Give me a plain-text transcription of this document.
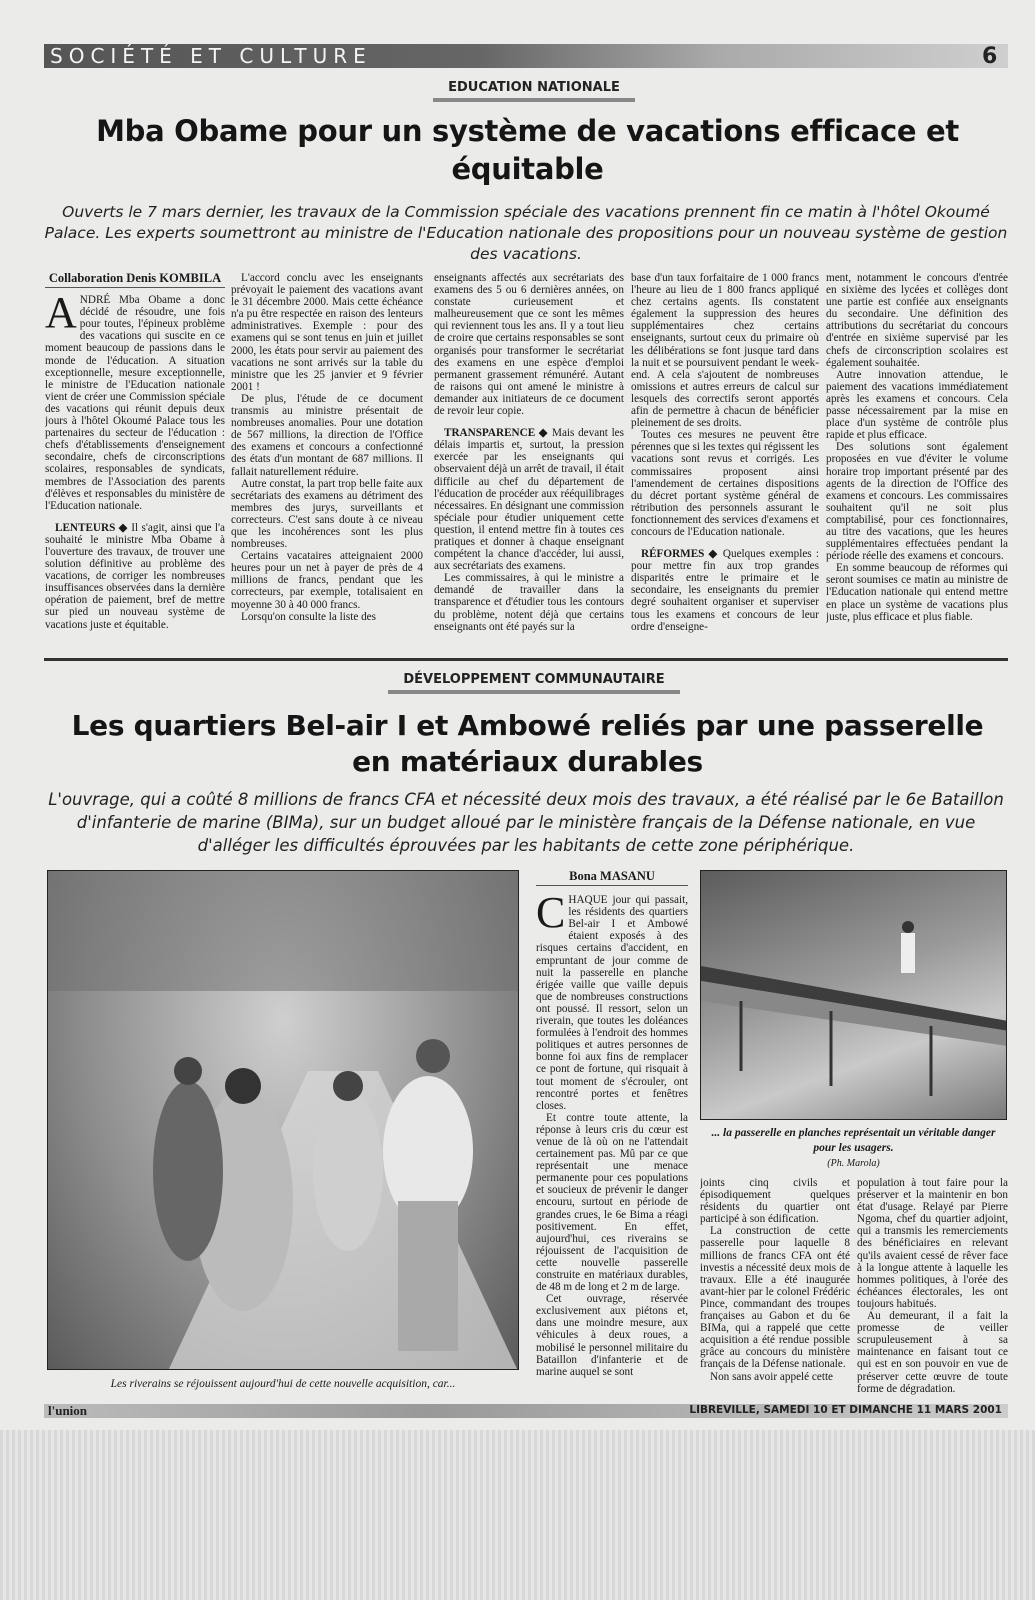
SOCIÉTÉ ET CULTURE	6
EDUCATION NATIONALE
Mba Obame pour un système de vacations efficace et équitable
Ouverts le 7 mars dernier, les travaux de la Commission spéciale des vacations prennent fin ce matin à l'hôtel Okoumé Palace. Les experts soumettront au ministre de l'Education nationale des propositions pour un nouveau système de gestion des vacations.
Collaboration Denis KOMBILA

ANDRÉ Mba Obame a donc décidé de résoudre, une fois pour toutes, l'épineux problème des vacations qui suscite en ce moment beaucoup de passions dans le monde de l'éducation. A situation exceptionnelle, mesure exceptionnelle, le ministre de l'Education nationale vient de créer une Commission spéciale des vacations qui réunit depuis deux jours à l'hôtel Okoumé Palace tous les partenaires du secteur de l'éducation : chefs d'établissements d'enseignement secondaire, chefs de circonscriptions scolaires, responsables de syndicats, membres de l'Association des parents d'élèves et responsables du ministère de l'Education nationale.

LENTEURS ◆ Il s'agit, ainsi que l'a souhaité le ministre Mba Obame à l'ouverture des travaux, de trouver une solution définitive au problème des vacations, de corriger les nombreuses insuffisances observées dans la dernière opération de paiement, bref de mettre sur pied un nouveau système de vacations juste et équitable.

L'accord conclu avec les enseignants prévoyait le paiement des vacations avant le 31 décembre 2000. Mais cette échéance n'a pu être respectée en raison des lenteurs administratives. Exemple : pour des examens qui se sont tenus en juin et juillet 2000, les états pour servir au paiement des vacations ne sont arrivés sur la table du ministre que les 25 janvier et 9 février 2001 !

De plus, l'étude de ce document transmis au ministre présentait de nombreuses anomalies. Pour une dotation de 567 millions, la direction de l'Office des examens et concours a confectionné des états d'un montant de 687 millions. Il fallait naturellement réduire.

Autre constat, la part trop belle faite aux secrétariats des examens au détriment des membres des jurys, surveillants et correcteurs. C'est sans doute à ce niveau que les incohérences sont les plus nombreuses.

Certains vacataires atteignaient 2000 heures pour un net à payer de près de 4 millions de francs, pendant que les correcteurs, par exemple, totalisaient en moyenne 30 à 40 000 francs.

Lorsqu'on consulte la liste des

enseignants affectés aux secrétariats des examens des 5 ou 6 dernières années, on constate curieusement et malheureusement que ce sont les mêmes qui reviennent tous les ans. Il y a tout lieu de croire que certains responsables se sont organisés pour transformer le secrétariat des examens en une espèce d'emploi permanent grassement rémunéré. Autant de raisons qui ont amené le ministre à demander aux initiateurs de ce document de revoir leur copie.

TRANSPARENCE ◆ Mais devant les délais impartis et, surtout, la pression exercée par les enseignants qui observaient déjà un arrêt de travail, il était difficile au chef du département de l'éducation de procéder aux rééquilibrages nécessaires. En désignant une commission spéciale pour étudier uniquement cette question, il entend mettre fin à toutes ces pratiques et donner à chaque enseignant compétent la chance d'accéder, lui aussi, aux secrétariats des examens.

Les commissaires, à qui le ministre a demandé de travailler dans la transparence et d'étudier tous les contours du problème, notent déjà que certains enseignants ont été payés sur la

base d'un taux forfaitaire de 1 000 francs l'heure au lieu de 1 800 francs appliqué chez certains agents. Ils constatent également la suppression des heures supplémentaires chez certains enseignants, surtout ceux du primaire où les délibérations se font jusque tard dans la nuit et se poursuivent pendant le week-end. A cela s'ajoutent de nombreuses omissions et autres erreurs de calcul sur lesquels des correctifs seront apportés afin de permettre à chacun de bénéficier pleinement de ses droits.

Toutes ces mesures ne peuvent être pérennes que si les textes qui régissent les vacations sont revus et corrigés. Les commissaires proposent ainsi l'amendement de certaines dispositions du décret portant système général de rétribution des personnels assurant le fonctionnement des services d'examens et concours de l'Education nationale.

RÉFORMES ◆ Quelques exemples : pour mettre fin aux trop grandes disparités entre le primaire et le secondaire, les enseignants du premier degré souhaitent organiser et superviser tous les examens et concours de leur ordre d'enseigne-

ment, notamment le concours d'entrée en sixième des lycées et collèges dont une partie est confiée aux enseignants du secondaire. Une définition des attributions du secrétariat du concours d'entrée en sixième supervisé par les chefs de circonscription scolaires est également souhaitée.

Autre innovation attendue, le paiement des vacations immédiatement après les examens et concours. Cela passe nécessairement par la mise en place d'un système de contrôle plus rapide et plus efficace.

Des solutions sont également proposées en vue d'éviter le volume horaire trop important présenté par des agents de la direction de l'Office des examens et concours. Les commissaires souhaitent qu'il ne soit plus comptabilisé, pour ces fonctionnaires, au titre des vacations, que les heures supplémentaires effectuées pendant la période réelle des examens et concours.

En somme beaucoup de réformes qui seront soumises ce matin au ministre de l'Education nationale qui entend mettre en place un système de vacations plus juste, plus efficace et plus fiable.

DÉVELOPPEMENT COMMUNAUTAIRE
Les quartiers Bel-air I et Ambowé reliés par une passerelle en matériaux durables
L'ouvrage, qui a coûté 8 millions de francs CFA et nécessité deux mois des travaux, a été réalisé par le 6e Bataillon d'infanterie de marine (BIMa), sur un budget alloué par le ministère français de la Défense nationale, en vue d'alléger les difficultés éprouvées par les habitants de cette zone périphérique.
Les riverains se réjouissent aujourd'hui de cette nouvelle acquisition, car...
Bona MASANU

CHAQUE jour qui passait, les résidents des quartiers Bel-air I et Ambowé étaient exposés à des risques certains d'accident, en empruntant de jour comme de nuit la passerelle en planche érigée vaille que vaille depuis que de nombreuses constructions ont poussé. Il ressort, selon un riverain, que toutes les doléances formulées à l'endroit des hommes politiques et autres personnes de bonne foi aux fins de remplacer ce pont de fortune, qui risquait à tout moment de s'écrouler, ont rencontré portes et fenêtres closes.

Et contre toute attente, la réponse à leurs cris du cœur est venue de là où on ne l'attendait certainement pas. Mû par ce que représentait une menace permanente pour ces populations et soucieux de prévenir le danger encouru, surtout en période de grandes crues, le 6e Bima a réagi positivement. En effet, aujourd'hui, ces riverains se réjouissent de l'acquisition de cette nouvelle passerelle construite en matériaux durables, de 48 m de long et 2 m de large.

Cet ouvrage, réservée exclusivement aux piétons et, dans une moindre mesure, aux véhicules à deux roues, a mobilisé le personnel militaire du Bataillon d'infanterie et de marine auquel se sont

... la passerelle en planches représentait un véritable danger pour les usagers.
(Ph. Marola)

joints cinq civils et épisodiquement quelques résidents du quartier ont participé à son édification.

La construction de cette passerelle pour laquelle 8 millions de francs CFA ont été investis a nécessité deux mois de travaux. Elle a été inaugurée avant-hier par le colonel Frédéric Pince, commandant des troupes françaises au Gabon et du 6e BIMa, qui a rappelé que cette acquisition a été rendue possible grâce au concours du ministère français de la Défense nationale.

Non sans avoir appelé cette

population à tout faire pour la préserver et la maintenir en bon état d'usage. Relayé par Pierre Ngoma, chef du quartier adjoint, qui a transmis les remerciements des bénéficiaires en relevant qu'ils avaient cessé de rêver face à la longue attente à laquelle les hommes politiques, à l'orée des échéances électorales, les ont toujours habitués.

Au demeurant, il a fait la promesse de veiller scrupuleusement à sa maintenance en faisant tout ce qui est en son pouvoir en vue de préserver cette œuvre de toute forme de dégradation.

l'union	LIBREVILLE, SAMEDI 10 ET DIMANCHE 11 MARS 2001
